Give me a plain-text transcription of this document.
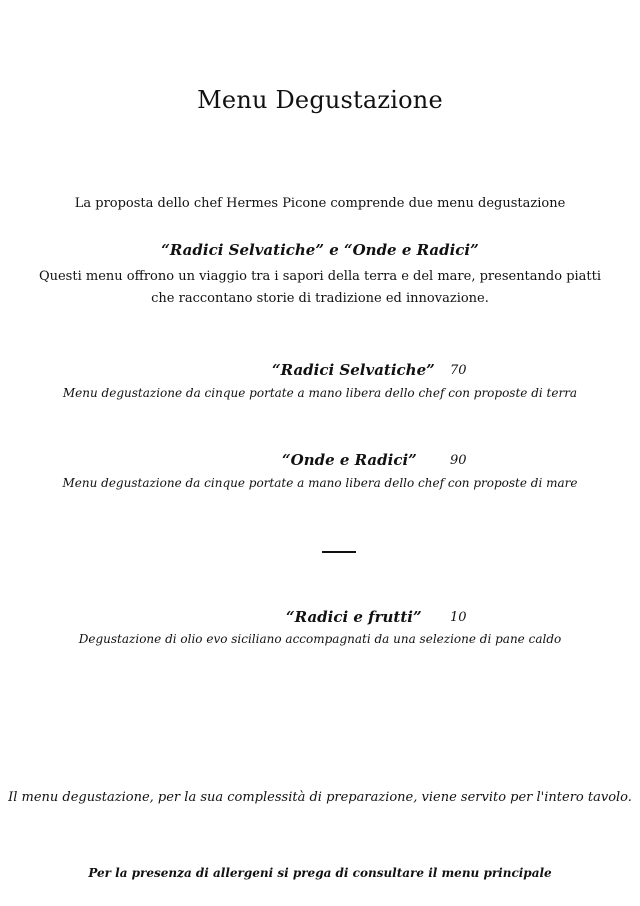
Menu Degustazione
La proposta dello chef Hermes Picone comprende due menu degustazione
“Radici Selvatiche” e “Onde e Radici”
Questi menu offrono un viaggio tra i sapori della terra e del mare, presentando piatti
che raccontano storie di tradizione ed innovazione.
“Radici Selvatiche” 70
Menu degustazione da cinque portate a mano libera dello chef con proposte di terra
“Onde e Radici”	90
Menu degustazione da cinque portate a mano libera dello chef con proposte di mare
“Radici e frutti” 10
Degustazione di olio evo siciliano accompagnati da una selezione di pane caldo
Il menu degustazione, per la sua complessità di preparazione, viene servito per l'intero tavolo.
Per la presenza di allergeni si prega di consultare il menu principale
